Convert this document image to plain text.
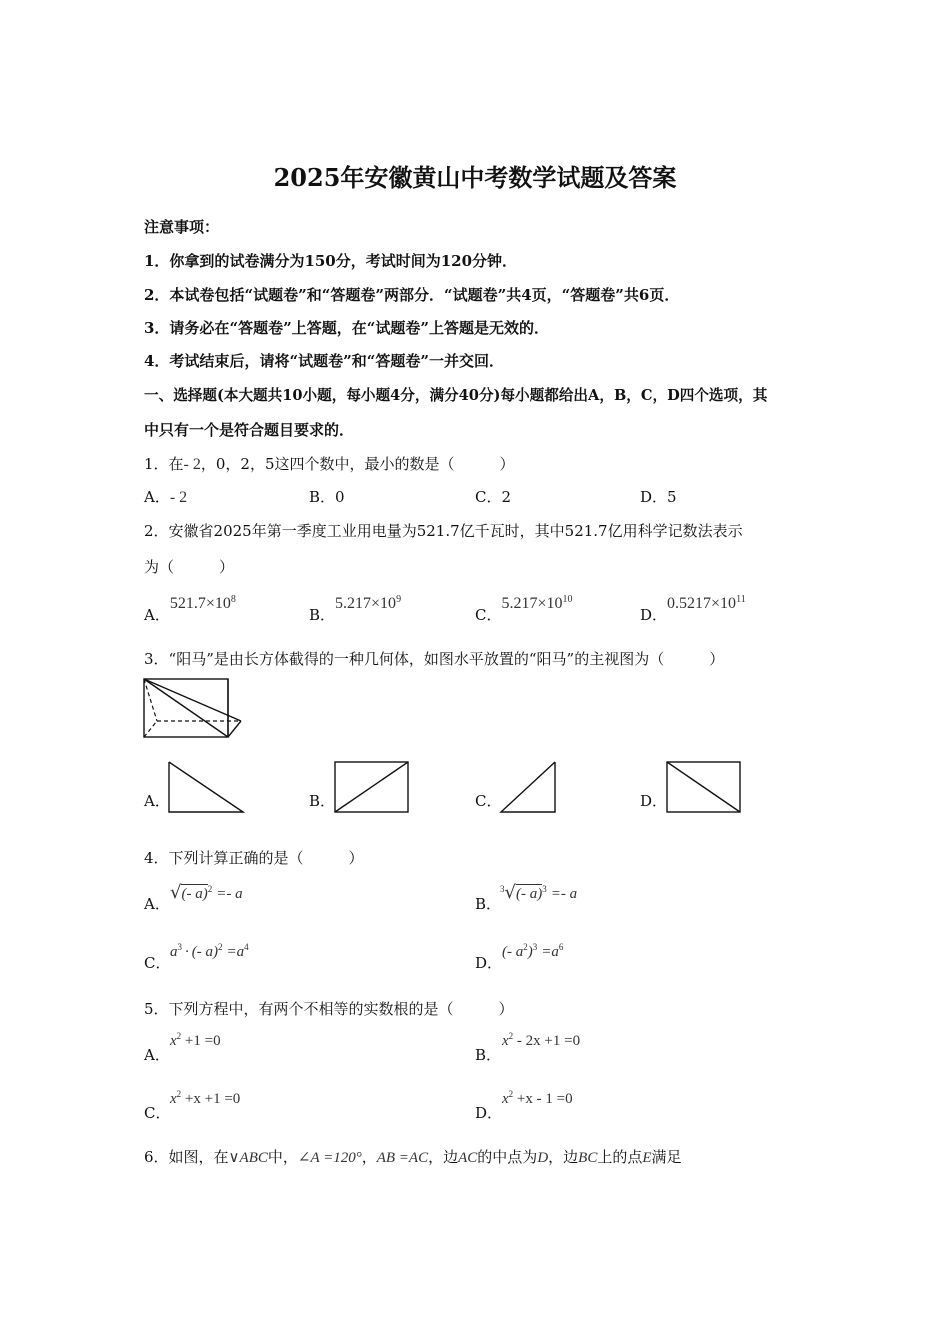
2025年安徽黄山中考数学试题及答案
注意事项：
1．你拿到的试卷满分为150分，考试时间为120分钟．
2．本试卷包括“试题卷”和“答题卷”两部分．“试题卷”共4页，“答题卷”共6页．
3．请务必在“答题卷”上答题，在“试题卷”上答题是无效的．
4．考试结束后，请将“试题卷”和“答题卷”一并交回．
一、选择题(本大题共10小题，每小题4分，满分40分)每小题都给出A，B，C，D四个选项，其
中只有一个是符合题目要求的．
1．在- 2，0，2，5这四个数中，最小的数是（　　　）
A．- 2	B．0	C．2	D．5
2．安徽省2025年第一季度工业用电量为521.7亿千瓦时，其中521.7亿用科学记数法表示
为（　　　）
A．$521.7\times 10^8$
B．$5.217\times 10^9$
C．$5.217\times 10^{10}$
D．$0.5217\times 10^{11}$
3．“阳马”是由长方体截得的一种几何体，如图水平放置的“阳马”的主视图为（　　　）
A．	B．	C．	D．
4．下列计算正确的是（　　　）
A．
√(- a)$^2$ =- a
B．
$^3$√(- a)$^3$ =- a
C．
$a^3$ · (- $a)^2 =a^4$
D．
(- $a^2)^3 =a^6$
5．下列方程中，有两个不相等的实数根的是（　　　）
A．
$x^2 +1 =0$
B．
$x^2 - 2x +1 =0$
C．
$x^2 +x +1 =0$
D．
$x^2 +x - 1 =0$
6．如图，在∨ABC中，∠A =120°，AB =AC，边AC的中点为D，边BC上的点E满足
